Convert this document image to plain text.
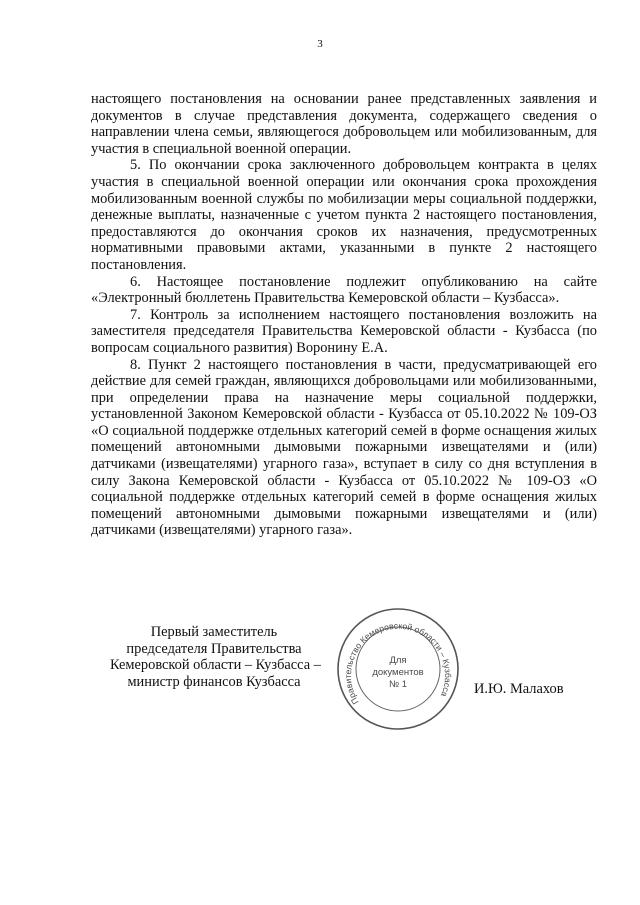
3

настоящего постановления на основании ранее представленных заявления и документов в случае представления документа, содержащего сведения о направлении члена семьи, являющегося добровольцем или мобилизованным, для участия в специальной военной операции.

5. По окончании срока заключенного добровольцем контракта в целях участия в специальной военной операции или окончания срока прохождения мобилизованным военной службы по мобилизации меры социальной поддержки, денежные выплаты, назначенные с учетом пункта 2 настоящего постановления, предоставляются до окончания сроков их назначения, предусмотренных нормативными правовыми актами, указанными в пункте 2 настоящего постановления.

6. Настоящее постановление подлежит опубликованию на сайте «Электронный бюллетень Правительства Кемеровской области – Кузбасса».

7. Контроль за исполнением настоящего постановления возложить на заместителя председателя Правительства Кемеровской области - Кузбасса (по вопросам социального развития) Воронину Е.А.

8. Пункт 2 настоящего постановления в части, предусматривающей его действие для семей граждан, являющихся добровольцами или мобилизованными, при определении права на назначение меры социальной поддержки, установленной Законом Кемеровской области - Кузбасса от 05.10.2022 № 109-ОЗ «О социальной поддержке отдельных категорий семей в форме оснащения жилых помещений автономными дымовыми пожарными извещателями и (или) датчиками (извещателями) угарного газа», вступает в силу со дня вступления в силу Закона Кемеровской области - Кузбасса от 05.10.2022 № 109-ОЗ «О социальной поддержке отдельных категорий семей в форме оснащения жилых помещений автономными дымовыми пожарными извещателями и (или) датчиками (извещателями) угарного газа».

Первый заместитель
председателя Правительства
Кемеровской области – Кузбасса –
министр финансов Кузбасса
Правительство Кемеровской области – Кузбасса
Для
документов
№ 1	И.Ю. Малахов
